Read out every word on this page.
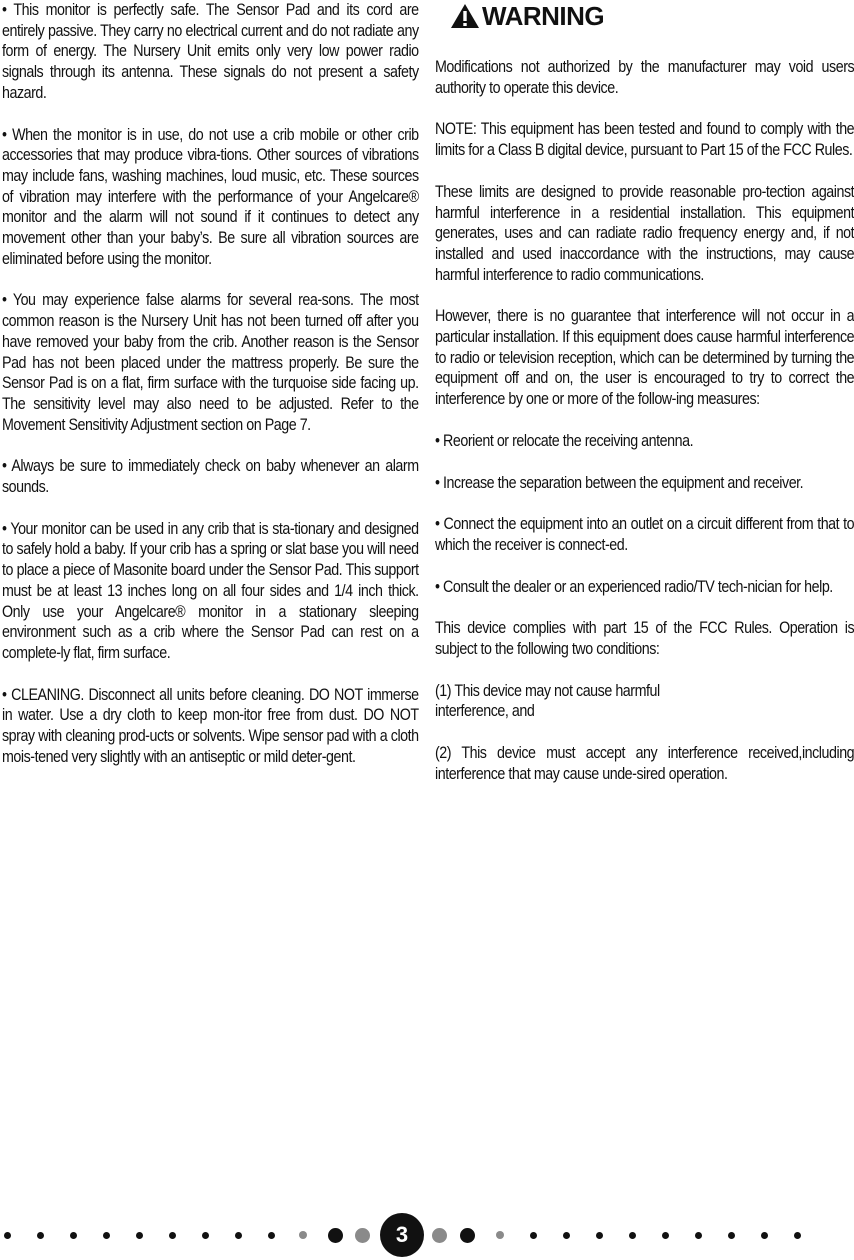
• This monitor is perfectly safe. The Sensor Pad and its cord are entirely passive. They carry no electrical current and do not radiate any form of energy. The Nursery Unit emits only very low power radio signals through its antenna. These signals do not present a safety hazard.

• When the monitor is in use, do not use a crib mobile or other crib accessories that may produce vibra-tions. Other sources of vibrations may include fans, washing machines, loud music, etc. These sources of vibration may interfere with the performance of your Angelcare® monitor and the alarm will not sound if it continues to detect any movement other than your baby’s. Be sure all vibration sources are eliminated before using the monitor.

• You may experience false alarms for several rea-sons. The most common reason is the Nursery Unit has not been turned off after you have removed your baby from the crib. Another reason is the Sensor Pad has not been placed under the mattress properly. Be sure the Sensor Pad is on a flat, firm surface with the turquoise side facing up. The sensitivity level may also need to be adjusted. Refer to the Movement Sensitivity Adjustment section on Page 7.

• Always be sure to immediately check on baby whenever an alarm sounds.

• Your monitor can be used in any crib that is sta-tionary and designed to safely hold a baby. If your crib has a spring or slat base you will need to place a piece of Masonite board under the Sensor Pad. This support must be at least 13 inches long on all four sides and 1/4 inch thick. Only use your Angelcare® monitor in a stationary sleeping environment such as a crib where the Sensor Pad can rest on a complete-ly flat, firm surface.

• CLEANING. Disconnect all units before cleaning. DO NOT immerse in water. Use a dry cloth to keep mon-itor free from dust. DO NOT spray with cleaning prod-ucts or solvents. Wipe sensor pad with a cloth mois-tened very slightly with an antiseptic or mild deter-gent.

WARNING

Modifications not authorized by the manufacturer may void users authority to operate this device.

NOTE: This equipment has been tested and found to comply with the limits for a Class B digital device, pursuant to Part 15 of the FCC Rules.

These limits are designed to provide reasonable pro-tection against harmful interference in a residential installation. This equipment generates, uses and can radiate radio frequency energy and, if not installed and used inaccordance with the instructions, may cause harmful interference to radio communications.

However, there is no guarantee that interference will not occur in a particular installation. If this equipment does cause harmful interference to radio or television reception, which can be determined by turning the equipment off and on, the user is encouraged to try to correct the interference by one or more of the follow-ing measures:

• Reorient or relocate the receiving antenna.

• Increase the separation between the equipment and receiver.

• Connect the equipment into an outlet on a circuit different from that to which the receiver is connect-ed.

• Consult the dealer or an experienced radio/TV tech-nician for help.

This device complies with part 15 of the FCC Rules. Operation is subject to the following two conditions:

(1) This device may not cause harmful
interference, and

(2) This device must accept any interference received,including interference that may cause unde-sired operation.

3
